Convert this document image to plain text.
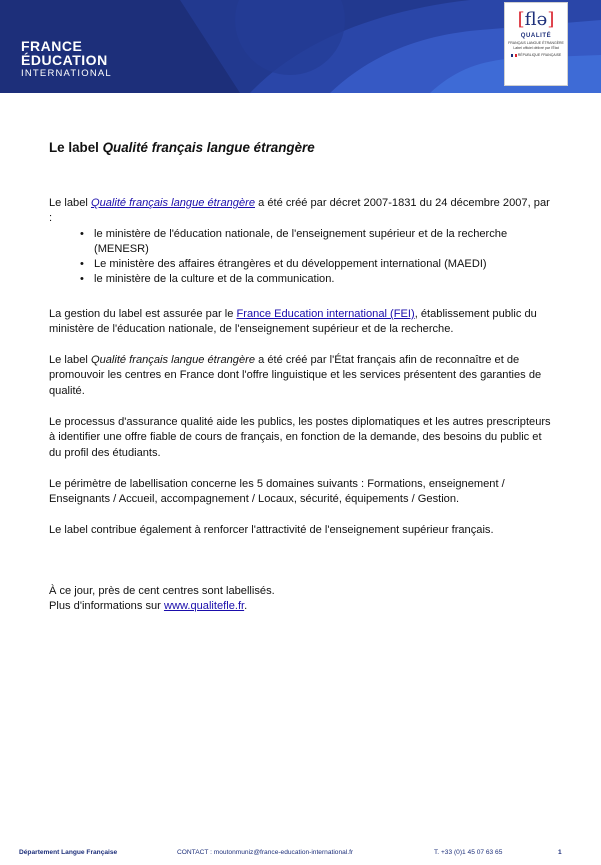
FRANCE
ÉDUCATION
INTERNATIONAL
[flə]
QUALITÉ
FRANÇAIS LANGUE ÉTRANGÈRE
Label officiel délivré par l'État
RÉPUBLIQUE FRANÇAISE
Le label Qualité français langue étrangère

Le label Qualité français langue étrangère a été créé par décret 2007-1831 du 24 décembre 2007, par :

• le ministère de l'éducation nationale, de l'enseignement supérieur et de la recherche (MENESR)
• Le ministère des affaires étrangères et du développement international (MAEDI)
• le ministère de la culture et de la communication.

La gestion du label est assurée par le France Education international (FEI), établissement public du ministère de l'éducation nationale, de l'enseignement supérieur et de la recherche.

Le label Qualité français langue étrangère a été créé par l'État français afin de reconnaître et de promouvoir les centres en France dont l'offre linguistique et les services présentent des garanties de qualité.

Le processus d'assurance qualité aide les publics, les postes diplomatiques et les autres prescripteurs à identifier une offre fiable de cours de français, en fonction de la demande, des besoins du public et du profil des étudiants.

Le périmètre de labellisation concerne les 5 domaines suivants : Formations, enseignement / Enseignants / Accueil, accompagnement / Locaux, sécurité, équipements / Gestion.

Le label contribue également à renforcer l'attractivité de l'enseignement supérieur français.

À ce jour, près de cent centres sont labellisés.

Plus d'informations sur www.qualitefle.fr.

Département Langue Française	CONTACT : moutonmuniz@france-education-international.fr	T. +33 (0)1 45 07 63 65	1
